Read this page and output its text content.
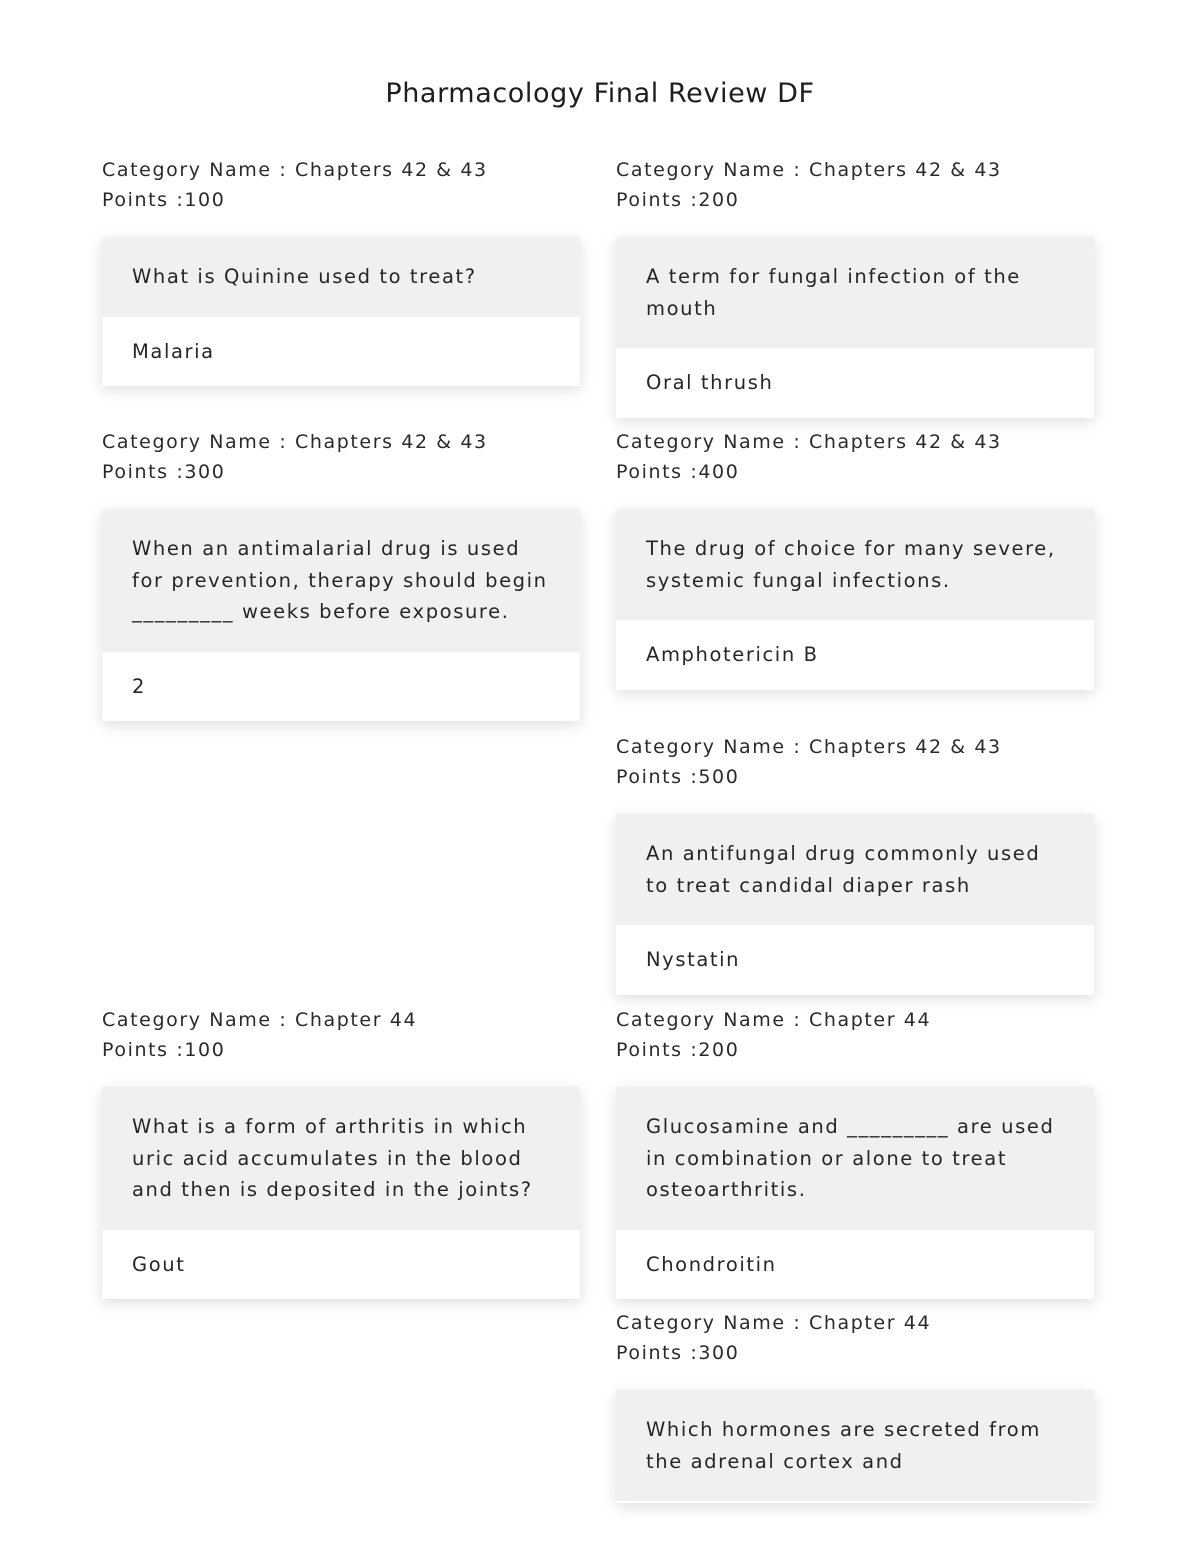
Pharmacology Final Review DF
Category Name : Chapters 42 & 43
Points :100
What is Quinine used to treat?
Malaria
Category Name : Chapters 42 & 43
Points :300
When an antimalarial drug is used for prevention, therapy should begin _________ weeks before exposure.
2
Category Name : Chapter 44
Points :100
What is a form of arthritis in which uric acid accumulates in the blood and then is deposited in the joints?
Gout
Category Name : Chapters 42 & 43
Points :200
A term for fungal infection of the mouth
Oral thrush
Category Name : Chapters 42 & 43
Points :400
The drug of choice for many severe, systemic fungal infections.
Amphotericin B
Category Name : Chapters 42 & 43
Points :500
An antifungal drug commonly used to treat candidal diaper rash
Nystatin
Category Name : Chapter 44
Points :200
Glucosamine and _________ are used in combination or alone to treat osteoarthritis.
Chondroitin
Category Name : Chapter 44
Points :300
Which hormones are secreted from the adrenal cortex and
